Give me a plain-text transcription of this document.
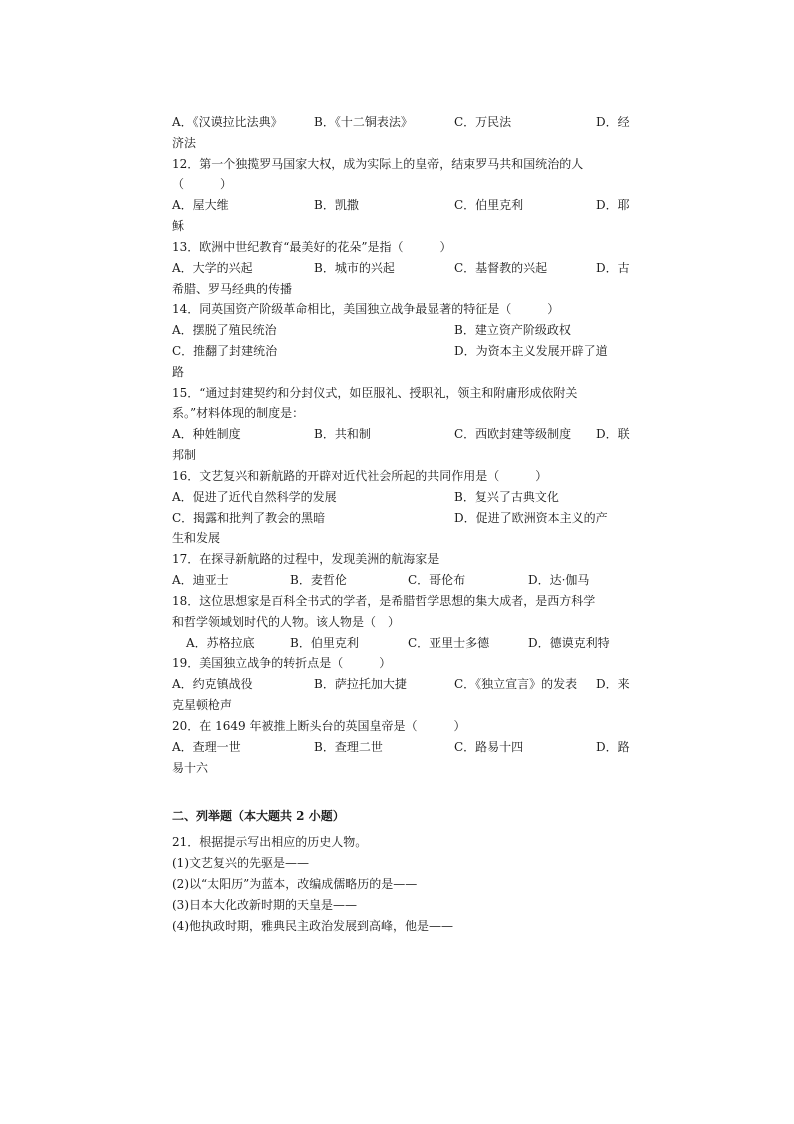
A．《汉谟拉比法典》	B．《十二铜表法》	C．万民法	D．经
济法
12．第一个独揽罗马国家大权，成为实际上的皇帝，结束罗马共和国统治的人
（　　　）
A．屋大维	B．凯撒	C．伯里克利	D．耶
稣
13．欧洲中世纪教育“最美好的花朵”是指（　　　）
A．大学的兴起	B．城市的兴起	C．基督教的兴起	D．古
希腊、罗马经典的传播
14．同英国资产阶级革命相比，美国独立战争最显著的特征是（　　　）
A．摆脱了殖民统治	B．建立资产阶级政权
C．推翻了封建统治	D．为资本主义发展开辟了道
路
15．“通过封建契约和分封仪式，如臣服礼、授职礼，领主和附庸形成依附关
系。”材料体现的制度是：
A．种姓制度	B．共和制	C．西欧封建等级制度 D．联
邦制
16．文艺复兴和新航路的开辟对近代社会所起的共同作用是（　　　）
A．促进了近代自然科学的发展	B．复兴了古典文化
C．揭露和批判了教会的黑暗	D．促进了欧洲资本主义的产
生和发展
17．在探寻新航路的过程中，发现美洲的航海家是
A．迪亚士	B．麦哲伦	C．哥伦布	D．达·伽马
18．这位思想家是百科全书式的学者，是希腊哲学思想的集大成者，是西方科学
和哲学领域划时代的人物。该人物是（　）
A．苏格拉底	B．伯里克利	C．亚里士多德	D．德谟克利特
19．美国独立战争的转折点是（　　　）
A．约克镇战役	B．萨拉托加大捷	C．《独立宣言》的发表 D．来
克星顿枪声
20．在 1649 年被推上断头台的英国皇帝是（　　　）
A．查理一世	B．查理二世	C．路易十四	D．路
易十六
二、列举题（本大题共 2 小题）
21．根据提示写出相应的历史人物。
(1)文艺复兴的先驱是——
(2)以“太阳历”为蓝本，改编成儒略历的是——
(3)日本大化改新时期的天皇是——
(4)他执政时期，雅典民主政治发展到高峰，他是——
